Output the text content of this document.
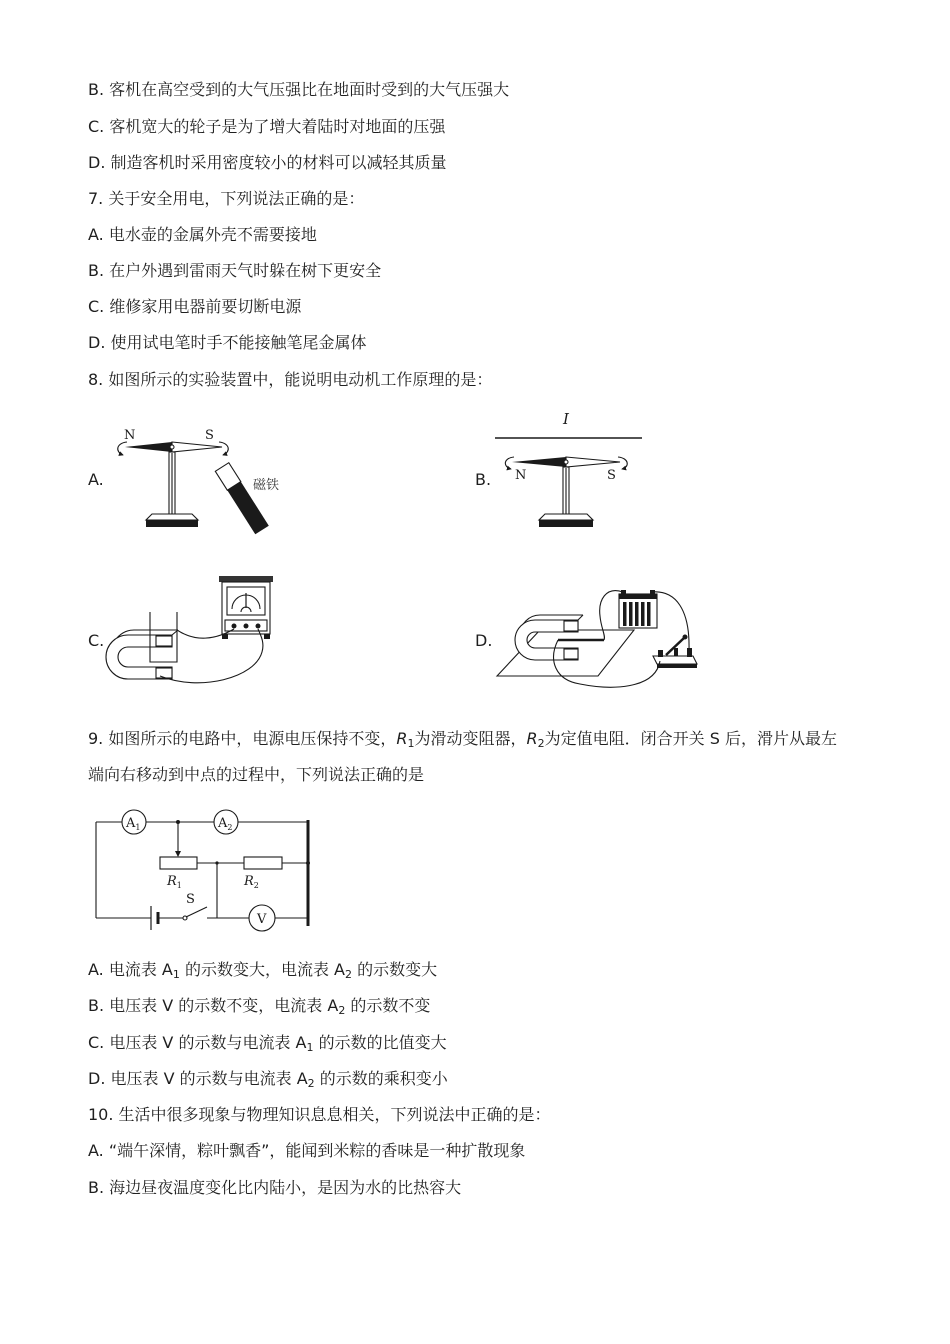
B. 客机在高空受到的大气压强比在地面时受到的大气压强大
C. 客机宽大的轮子是为了增大着陆时对地面的压强
D. 制造客机时采用密度较小的材料可以减轻其质量
7. 关于安全用电，下列说法正确的是：
A. 电水壶的金属外壳不需要接地
B. 在户外遇到雷雨天气时躲在树下更安全
C. 维修家用电器前要切断电源
D. 使用试电笔时手不能接触笔尾金属体
8. 如图所示的实验装置中，能说明电动机工作原理的是：
A.
N	S
磁铁	B.
I
N	S
C.	D.
9. 如图所示的电路中，电源电压保持不变，$R_1$为滑动变阻器，$R_2$为定值电阻．闭合开关 S 后，滑片从最左
端向右移动到中点的过程中，下列说法正确的是
$A_1$	$A_2$
$R_1$	$R_2$
S
V
A. 电流表 $A_1$ 的示数变大，电流表 $A_2$ 的示数变大
B. 电压表 V 的示数不变，电流表 $A_2$ 的示数不变
C. 电压表 V 的示数与电流表 $A_1$ 的示数的比值变大
D. 电压表 V 的示数与电流表 $A_2$ 的示数的乘积变小
10. 生活中很多现象与物理知识息息相关，下列说法中正确的是：
A. “端午深情，粽叶飘香”，能闻到米粽的香味是一种扩散现象
B. 海边昼夜温度变化比内陆小，是因为水的比热容大
